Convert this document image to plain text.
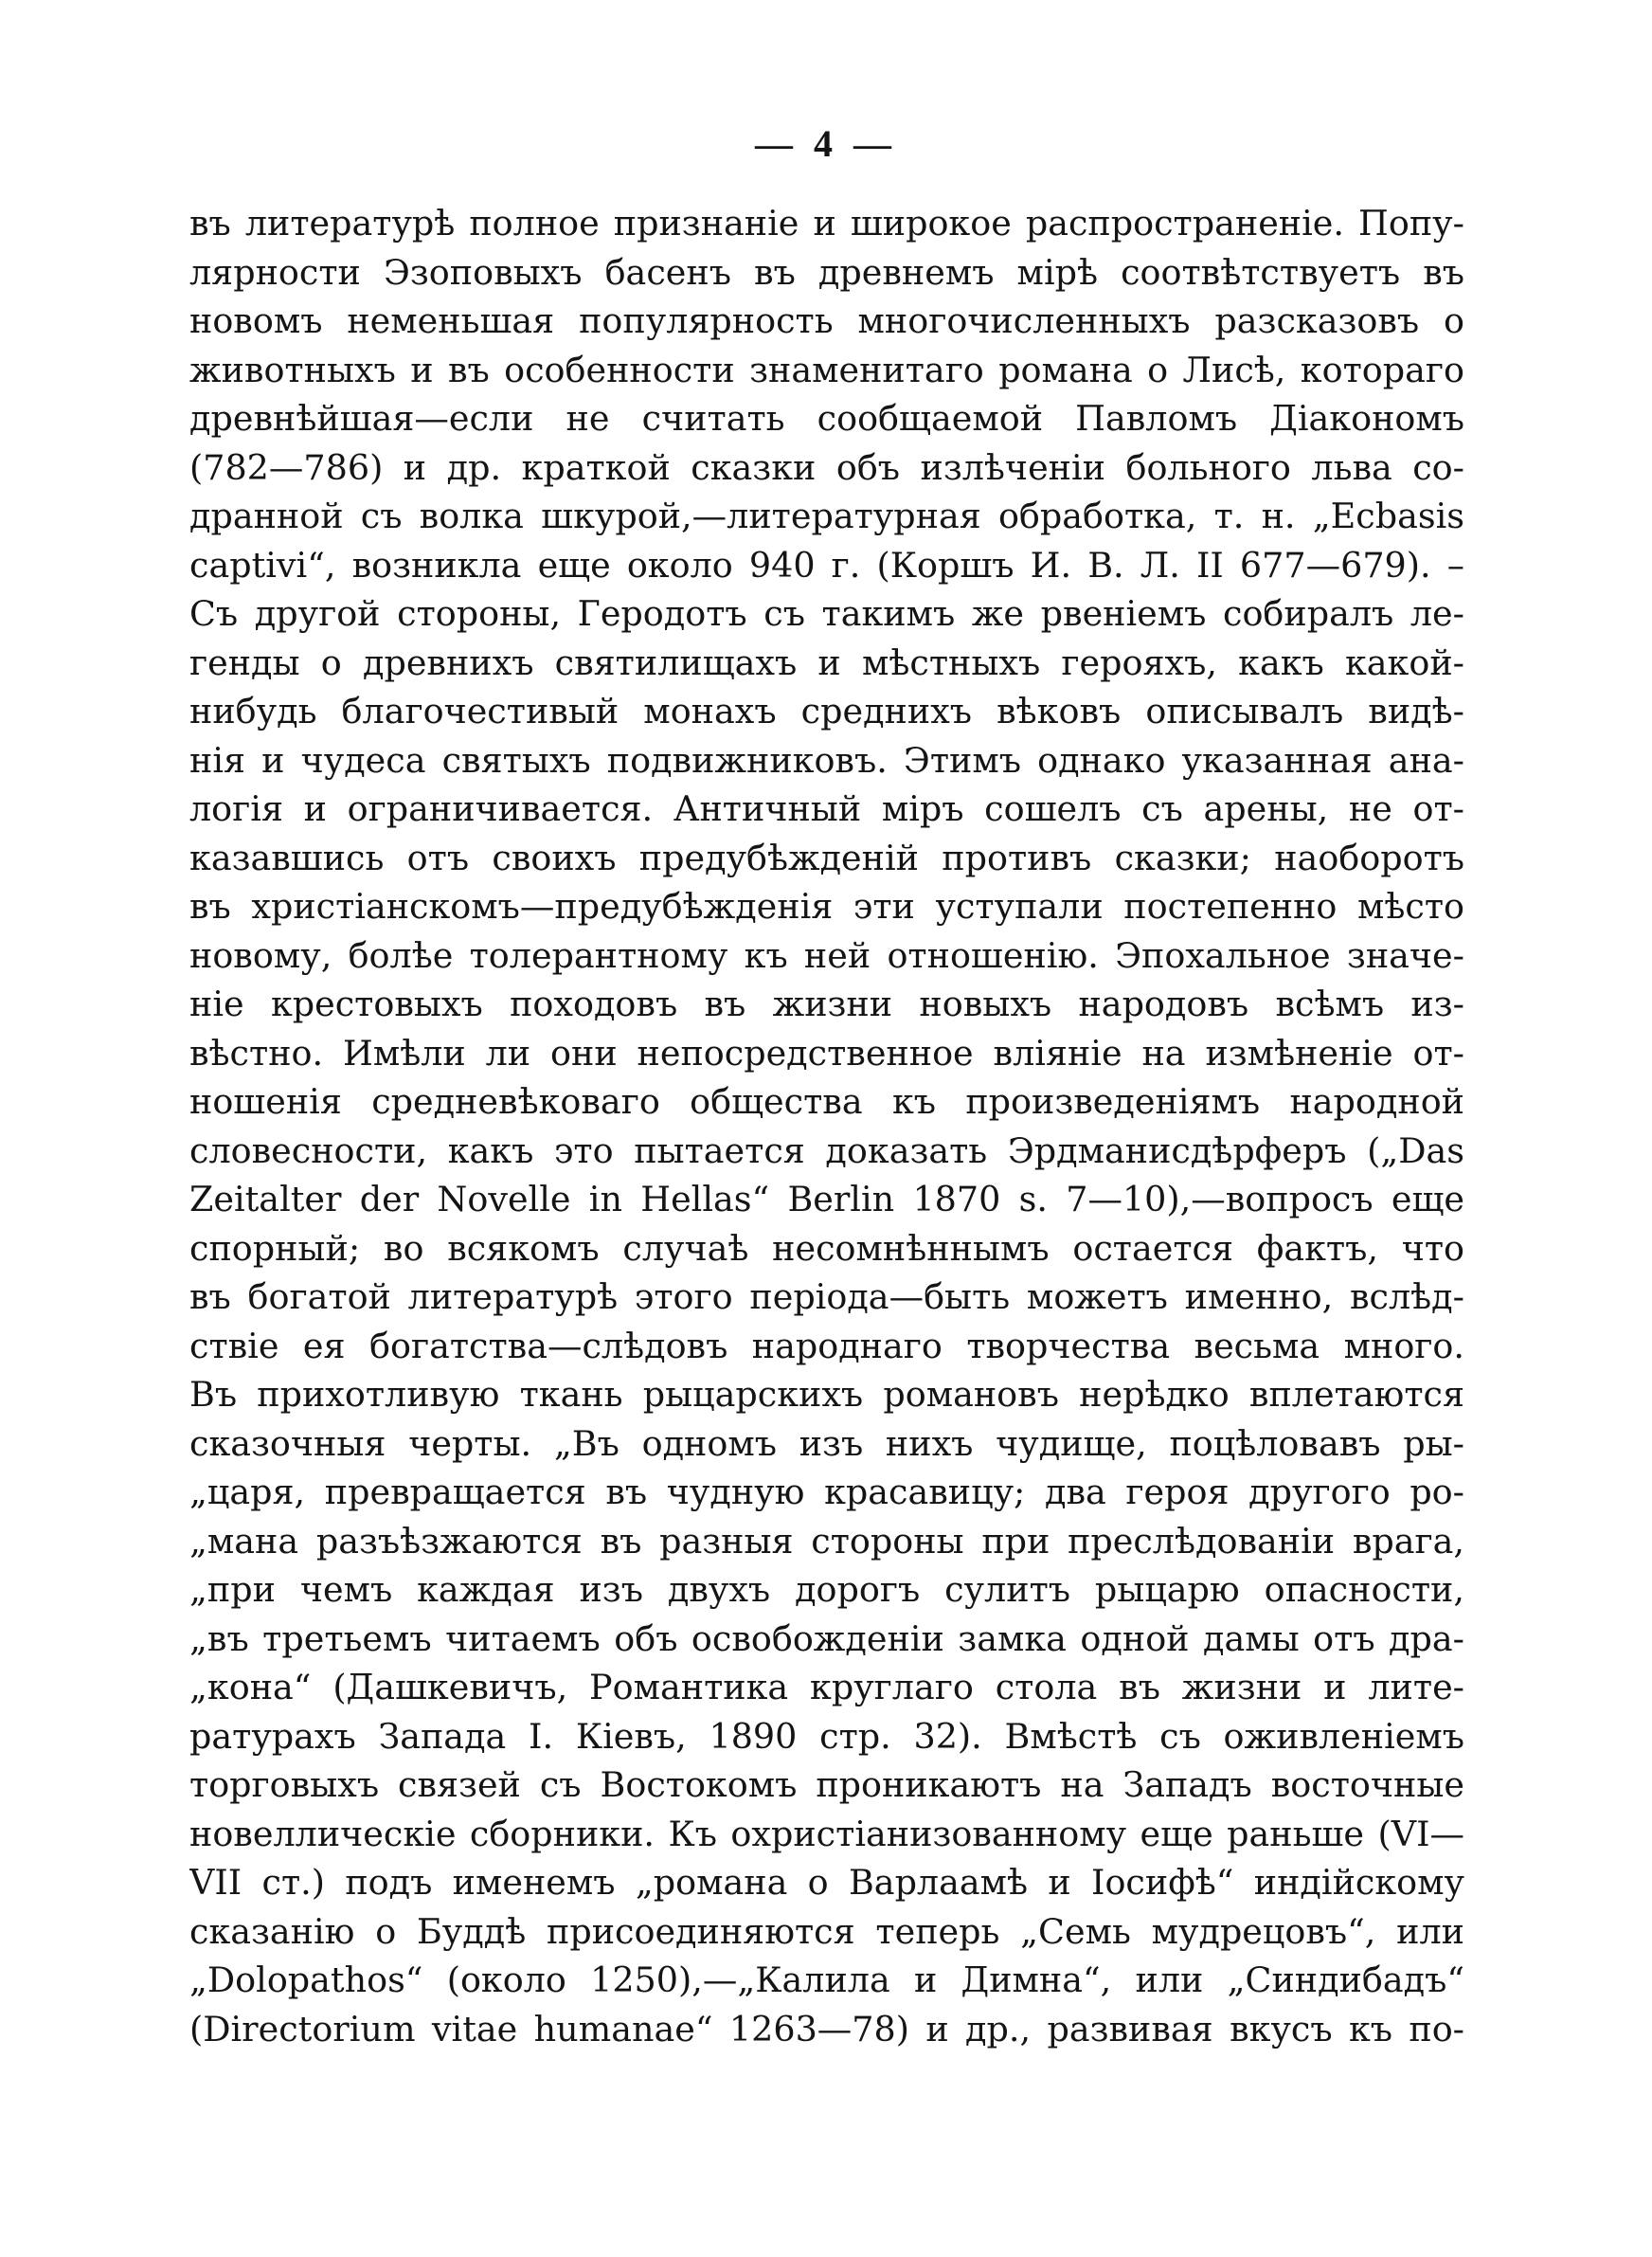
— 4 —
въ литературѣ полное признаніе и широкое распространеніе. Попу-
лярности Эзоповыхъ басенъ въ древнемъ мірѣ соотвѣтствуетъ въ
новомъ неменьшая популярность многочисленныхъ разсказовъ о
животныхъ и въ особенности знаменитаго романа о Лисѣ, котораго
древнѣйшая—если не считать сообщаемой Павломъ Діакономъ
(782—786) и др. краткой сказки объ излѣченіи больного льва со-
дранной съ волка шкурой,—литературная обработка, т. н. „Ecbasis
captivi“, возникла еще около 940 г. (Коршъ И. В. Л. II 677—679). –
Съ другой стороны, Геродотъ съ такимъ же рвеніемъ собиралъ ле-
генды о древнихъ святилищахъ и мѣстныхъ герояхъ, какъ какой-
нибудь благочестивый монахъ среднихъ вѣковъ описывалъ видѣ-
нія и чудеса святыхъ подвижниковъ. Этимъ однако указанная ана-
логія и ограничивается. Античный міръ сошелъ съ арены, не от-
казавшись отъ своихъ предубѣжденій противъ сказки; наоборотъ
въ христіанскомъ—предубѣжденія эти уступали постепенно мѣсто
новому, болѣе толерантному къ ней отношенію. Эпохальное значе-
ніе крестовыхъ походовъ въ жизни новыхъ народовъ всѣмъ из-
вѣстно. Имѣли ли они непосредственное вліяніе на измѣненіе от-
ношенія средневѣковаго общества къ произведеніямъ народной
словесности, какъ это пытается доказать Эрдманисдѣрферъ („Das
Zeitalter der Novelle in Hellas“ Berlin 1870 s. 7—10),—вопросъ еще
спорный; во всякомъ случаѣ несомнѣннымъ остается фактъ, что
въ богатой литературѣ этого періода—быть можетъ именно, вслѣд-
ствіе ея богатства—слѣдовъ народнаго творчества весьма много.
Въ прихотливую ткань рыцарскихъ романовъ нерѣдко вплетаются
сказочныя черты. „Въ одномъ изъ нихъ чудище, поцѣловавъ ры-
„царя, превращается въ чудную красавицу; два героя другого ро-
„мана разъѣзжаются въ разныя стороны при преслѣдованіи врага,
„при чемъ каждая изъ двухъ дорогъ сулитъ рыцарю опасности,
„въ третьемъ читаемъ объ освобожденіи замка одной дамы отъ дра-
„кона“ (Дашкевичъ, Романтика круглаго стола въ жизни и лите-
ратурахъ Запада I. Кіевъ, 1890 стр. 32). Вмѣстѣ съ оживленіемъ
торговыхъ связей съ Востокомъ проникаютъ на Западъ восточные
новеллическіе сборники. Къ охристіанизованному еще раньше (VI—
VII ст.) подъ именемъ „романа о Варлаамѣ и Іосифѣ“ индійскому
сказанію о Буддѣ присоединяются теперь „Семь мудрецовъ“, или
„Dolopathos“ (около 1250),—„Калила и Димна“, или „Синдибадъ“
(Directorium vitae humanae“ 1263—78) и др., развивая вкусъ къ по-
